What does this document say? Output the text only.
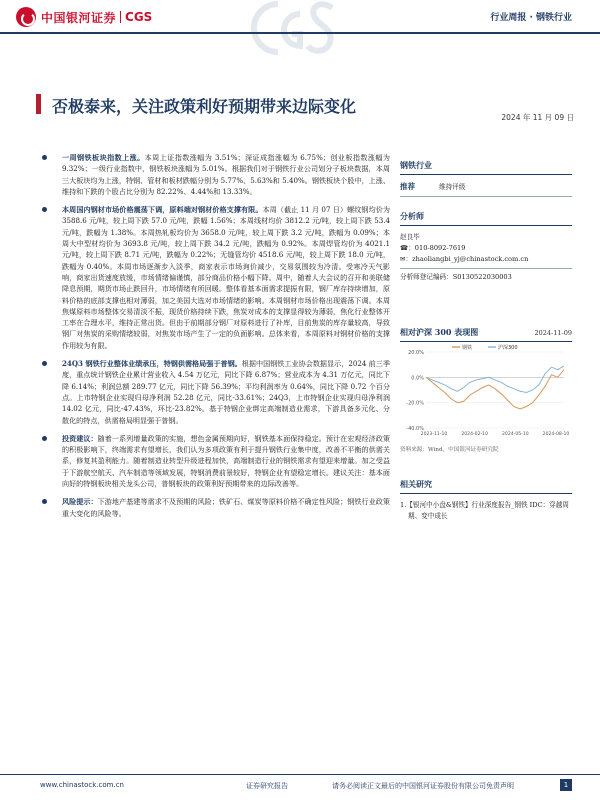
中国银河证券 CGS	行业周报 · 钢铁行业
否极泰来，关注政策利好预期带来边际变化
2024 年 11 月 09 日

一周钢铁板块指数上涨。本周上证指数涨幅为 3.51%；深证成指涨幅为 6.75%；创业板指数涨幅为 9.32%；一级行业指数中，钢铁板块涨幅为 5.01%。根据我们对于钢铁行业公司划分子板块数据，本周三大板块均为上涨，特钢、管材和板材跌幅分别为 5.77%、5.63%和 5.40%。钢铁板块个股中，上涨、维持和下跌的个股占比分别为 82.22%、4.44%和 13.33%。

本周国内钢材市场价格震荡下调，原料端对钢材价格支撑有限。本周（截止 11 月 07 日）螺纹钢均价为 3588.6 元/吨，较上周下跌 57.0 元/吨，跌幅 1.56%；本周线材均价 3812.2 元/吨，较上周下跌 53.4 元/吨，跌幅为 1.38%。本周热轧板均价为 3658.0 元/吨，较上周下跌 3.2 元/吨，跌幅为 0.09%；本周大中型材均价为 3693.8 元/吨，较上周下跌 34.2 元/吨，跌幅为 0.92%。本周焊管均价为 4021.1 元/吨，较上周下跌 8.71 元/吨，跌幅为 0.22%；无缝管均价 4518.6 元/吨，较上周下跌 18.0 元/吨，跌幅为 0.40%。本周市场逐渐步入淡季，商家表示市场询价减少，交易氛围较为冷清。受寒冷天气影响，商家出货速度放缓，市场情绪偏谨慎，部分商品价格小幅下降。周中，随着人大会议的召开和美联储降息预期，期货市场止跌回升，市场情绪有所回暖。整体看基本面需求提振有限，钢厂库存持续增加，原料价格的底部支撑也相对薄弱，加之美国大选对市场情绪的影响。本周钢材市场价格出现震荡下调。本周焦煤原料市场整体交易清淡不振，现货价格持续下跌，焦炭对成本的支撑显得较为薄弱，焦化行业整体开工率在合理水平，维持正常出货。但由于前期部分钢厂对原料进行了补库，目前焦炭的库存量较高，导致钢厂对焦炭的采购情绪较弱，对焦炭市场产生了一定的负面影响。总体来看，本周原料对钢材价格的支撑作用较为有限。

24Q3 钢铁行业整体业绩承压，特钢供需格局强于普钢。根据中国钢铁工业协会数据显示，2024 前三季度，重点统计钢铁企业累计营业收入 4.54 万亿元，同比下降 6.87%；营业成本为 4.31 万亿元，同比下降 6.14%；利润总额 289.77 亿元，同比下降 56.39%；平均利润率为 0.64%，同比下降 0.72 个百分点。上市特钢企业实现归母净利润 52.28 亿元，同比-33.61%；24Q3，上市特钢企业实现归母净利润 14.02 亿元，同比-47.43%，环比-23.82%。基于特钢企业绑定高端制造业需求，下游具备多元化、分散化的特点，供需格局明显强于普钢。

投资建议：随着一系列增量政策的实施，想色金属预期向好，钢铁基本面保持稳定。预计在宏观经济政策的积极影响下，终端需求有望增长，我们认为多项政策有利于提升钢铁行业集中度，改善不平衡的供需关系，修复其盈利能力。随着制造业转型升级进程加快，高端制造行业的钢铁需求有望迎来增量。加之受益于下游航空航天、汽车制造等领域发展，特钢消费前景较好，特钢企业有望稳定增长。建议关注：基本面向好的特钢板块相关龙头公司，普钢板块的政策利好预期带来的边际改善等。

风险提示：下游地产基建等需求不及预期的风险；铁矿石、煤炭等原料价格不确定性风险；钢铁行业政策重大变化的风险等。

钢铁行业
推荐	维持评级
分析师

赵良毕

☎：010-8092-7619

✉：zhaoliangbi_yj@chinastock.com.cn

分析师登记编码：S0130522030003

相对沪深 300 表现图	2024-11-09
20.0%
0.0%
-20.0%
-40.0%
2023-11-10	2024-02-10	2024-05-10	2024-08-10
钢铁	沪深300
资料来源：Wind，中国银河证券研究院
相关研究

1.【银河中小盘&钢铁】行业深度报告_钢铁 IDC：穿越周期、变中成长

www.chinastock.com.cn	证券研究报告	请务必阅读正文最后的中国银河证券股份有限公司免责声明	1
